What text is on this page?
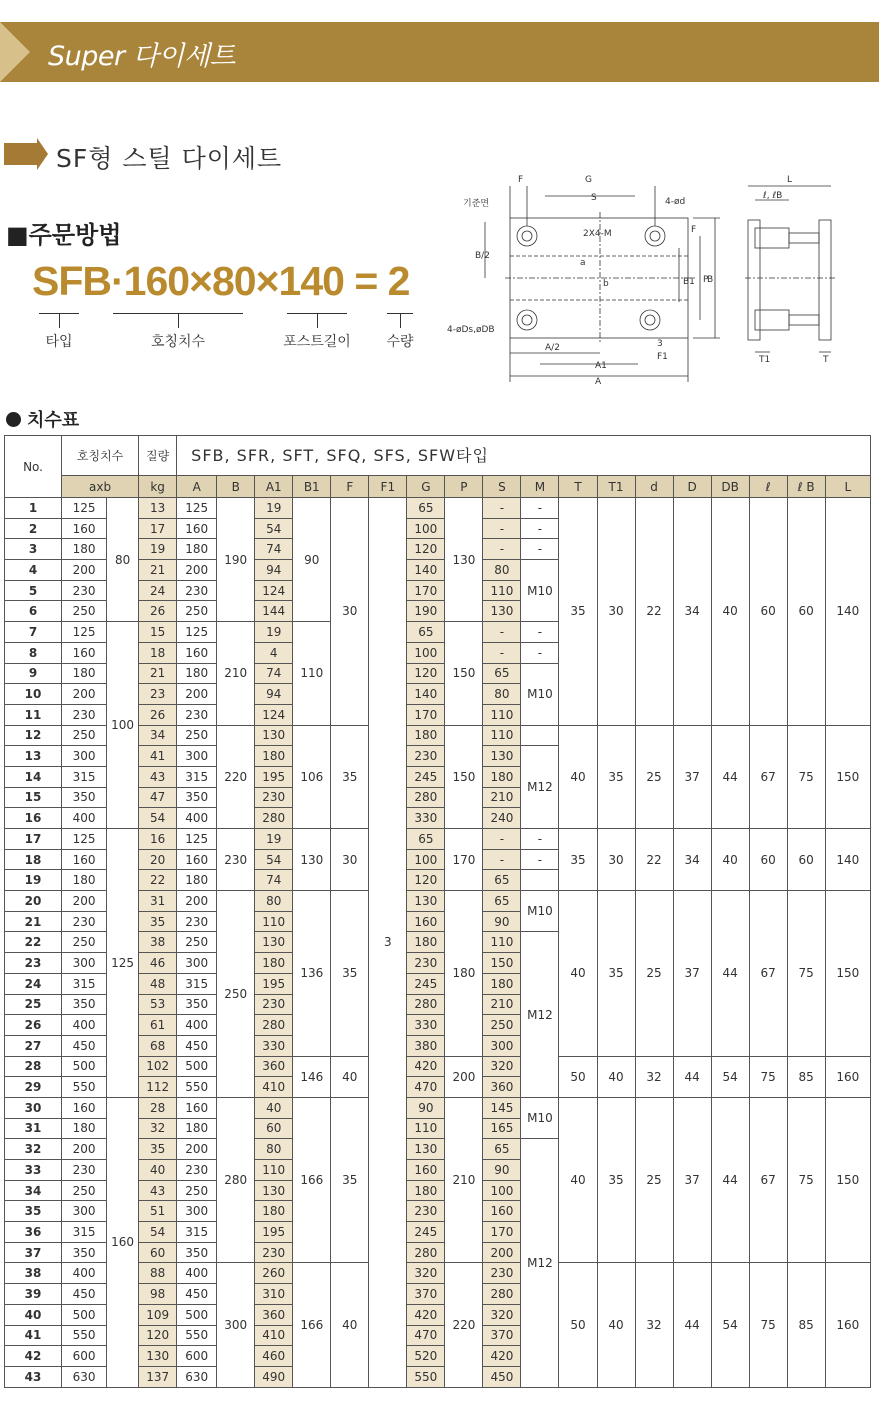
Super 다이세트
SF형 스틸 다이세트
■주문방법
SFB·160×80×140 = 2
타입	호칭치수	포스트길이	수량
F	G
S	4-ød
기준면
2X4-M
a
b
B/2
B1 P
B
F
4-øDs,øDB
A/2
A1
3
F1
A
L
ℓ, ℓB
T1	T
치수표
No.	호칭치수		질량	SFB, SFR, SFT, SFQ, SFS, SFW타입																	
	axb		kg	A	B	A1	B1	F	F1	G	P	S	M	T	T1	d	D	DB	ℓ	ℓ B	L
1	125	80	13	125	190	19	90	30	3	65	130	-	-	35	30	22	34	40	60	60	140
2	160		17	160		54				100		-	-								
3	180		19	180		74				120		-	-								
4	200		21	200		94				140		80	M10								
5	230		24	230		124				170		110									
6	250		26	250		144				190		130									
7	125	100	15	125	210	19	110			65	150	-	-								
8	160		18	160		4				100		-	-								
9	180		21	180		74				120		65	M10								
10	200		23	200		94				140		80									
11	230		26	230		124				170		110									
12	250		34	250	220	130	106	35		180	150	110		40	35	25	37	44	67	75	150
13	300		41	300		180				230		130	M12								
14	315		43	315		195				245		180									
15	350		47	350		230				280		210									
16	400		54	400		280				330		240									
17	125	125	16	125	230	19	130	30		65	170	-	-	35	30	22	34	40	60	60	140
18	160		20	160		54				100		-	-								
19	180		22	180		74				120		65									
20	200		31	200	250	80	136	35		130	180	65	M10	40	35	25	37	44	67	75	150
21	230		35	230		110				160		90									
22	250		38	250		130				180		110	M12								
23	300		46	300		180				230		150									
24	315		48	315		195				245		180									
25	350		53	350		230				280		210									
26	400		61	400		280				330		250									
27	450		68	450		330				380		300									
28	500		102	500		360	146	40		420	200	320		50	40	32	44	54	75	85	160
29	550		112	550		410				470		360									
30	160	160	28	160	280	40	166	35		90	210	145	M10	40	35	25	37	44	67	75	150
31	180		32	180		60				110		165									
32	200		35	200		80				130		65	M12								
33	230		40	230		110				160		90									
34	250		43	250		130				180		100									
35	300		51	300		180				230		160									
36	315		54	315		195				245		170									
37	350		60	350		230				280		200									
38	400		88	400	300	260	166	40		320	220	230		50	40	32	44	54	75	85	160
39	450		98	450		310				370		280									
40	500		109	500		360				420		320									
41	550		120	550		410				470		370									
42	600		130	600		460				520		420									
43	630		137	630		490				550		450									
